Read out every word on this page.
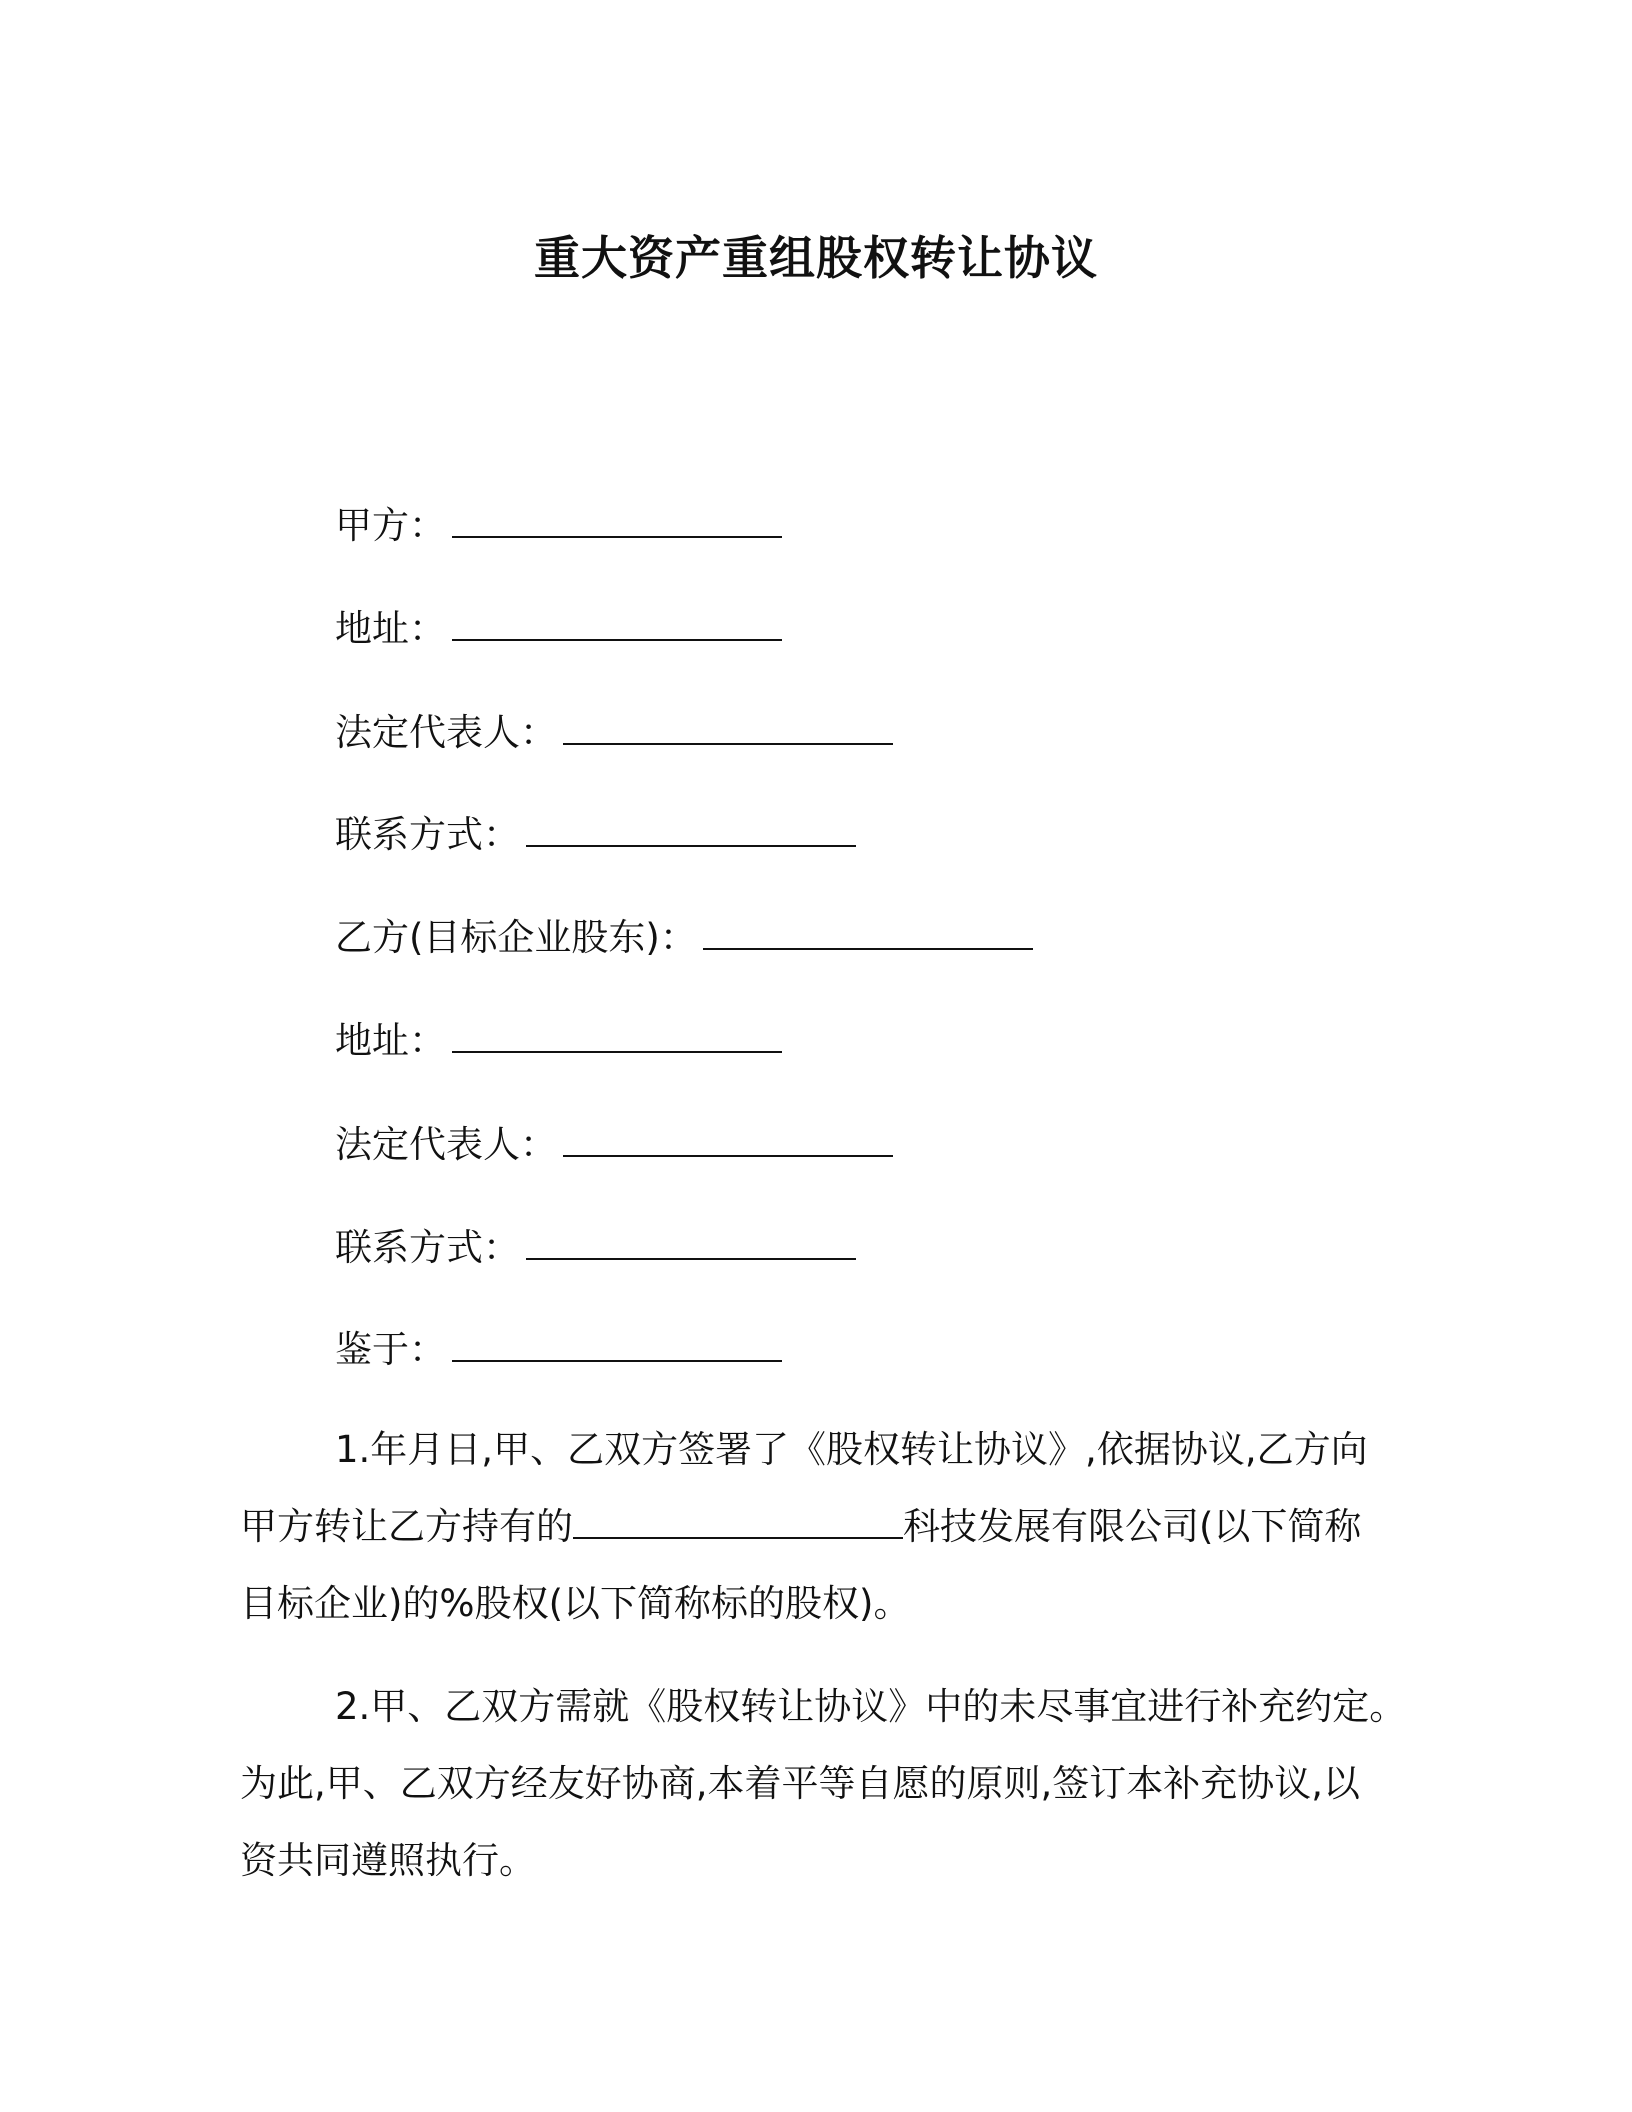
重大资产重组股权转让协议

甲方：

地址：

法定代表人：

联系方式：

乙方(目标企业股东)：

地址：

法定代表人：

联系方式：

鉴于：

1.年月日,甲、乙双方签署了《股权转让协议》,依据协议,乙方向
甲方转让乙方持有的	科技发展有限公司(以下简称
目标企业)的%股权(以下简称标的股权)。
2.甲、乙双方需就《股权转让协议》中的未尽事宜进行补充约定。
为此,甲、乙双方经友好协商,本着平等自愿的原则,签订本补充协议,以
资共同遵照执行。
